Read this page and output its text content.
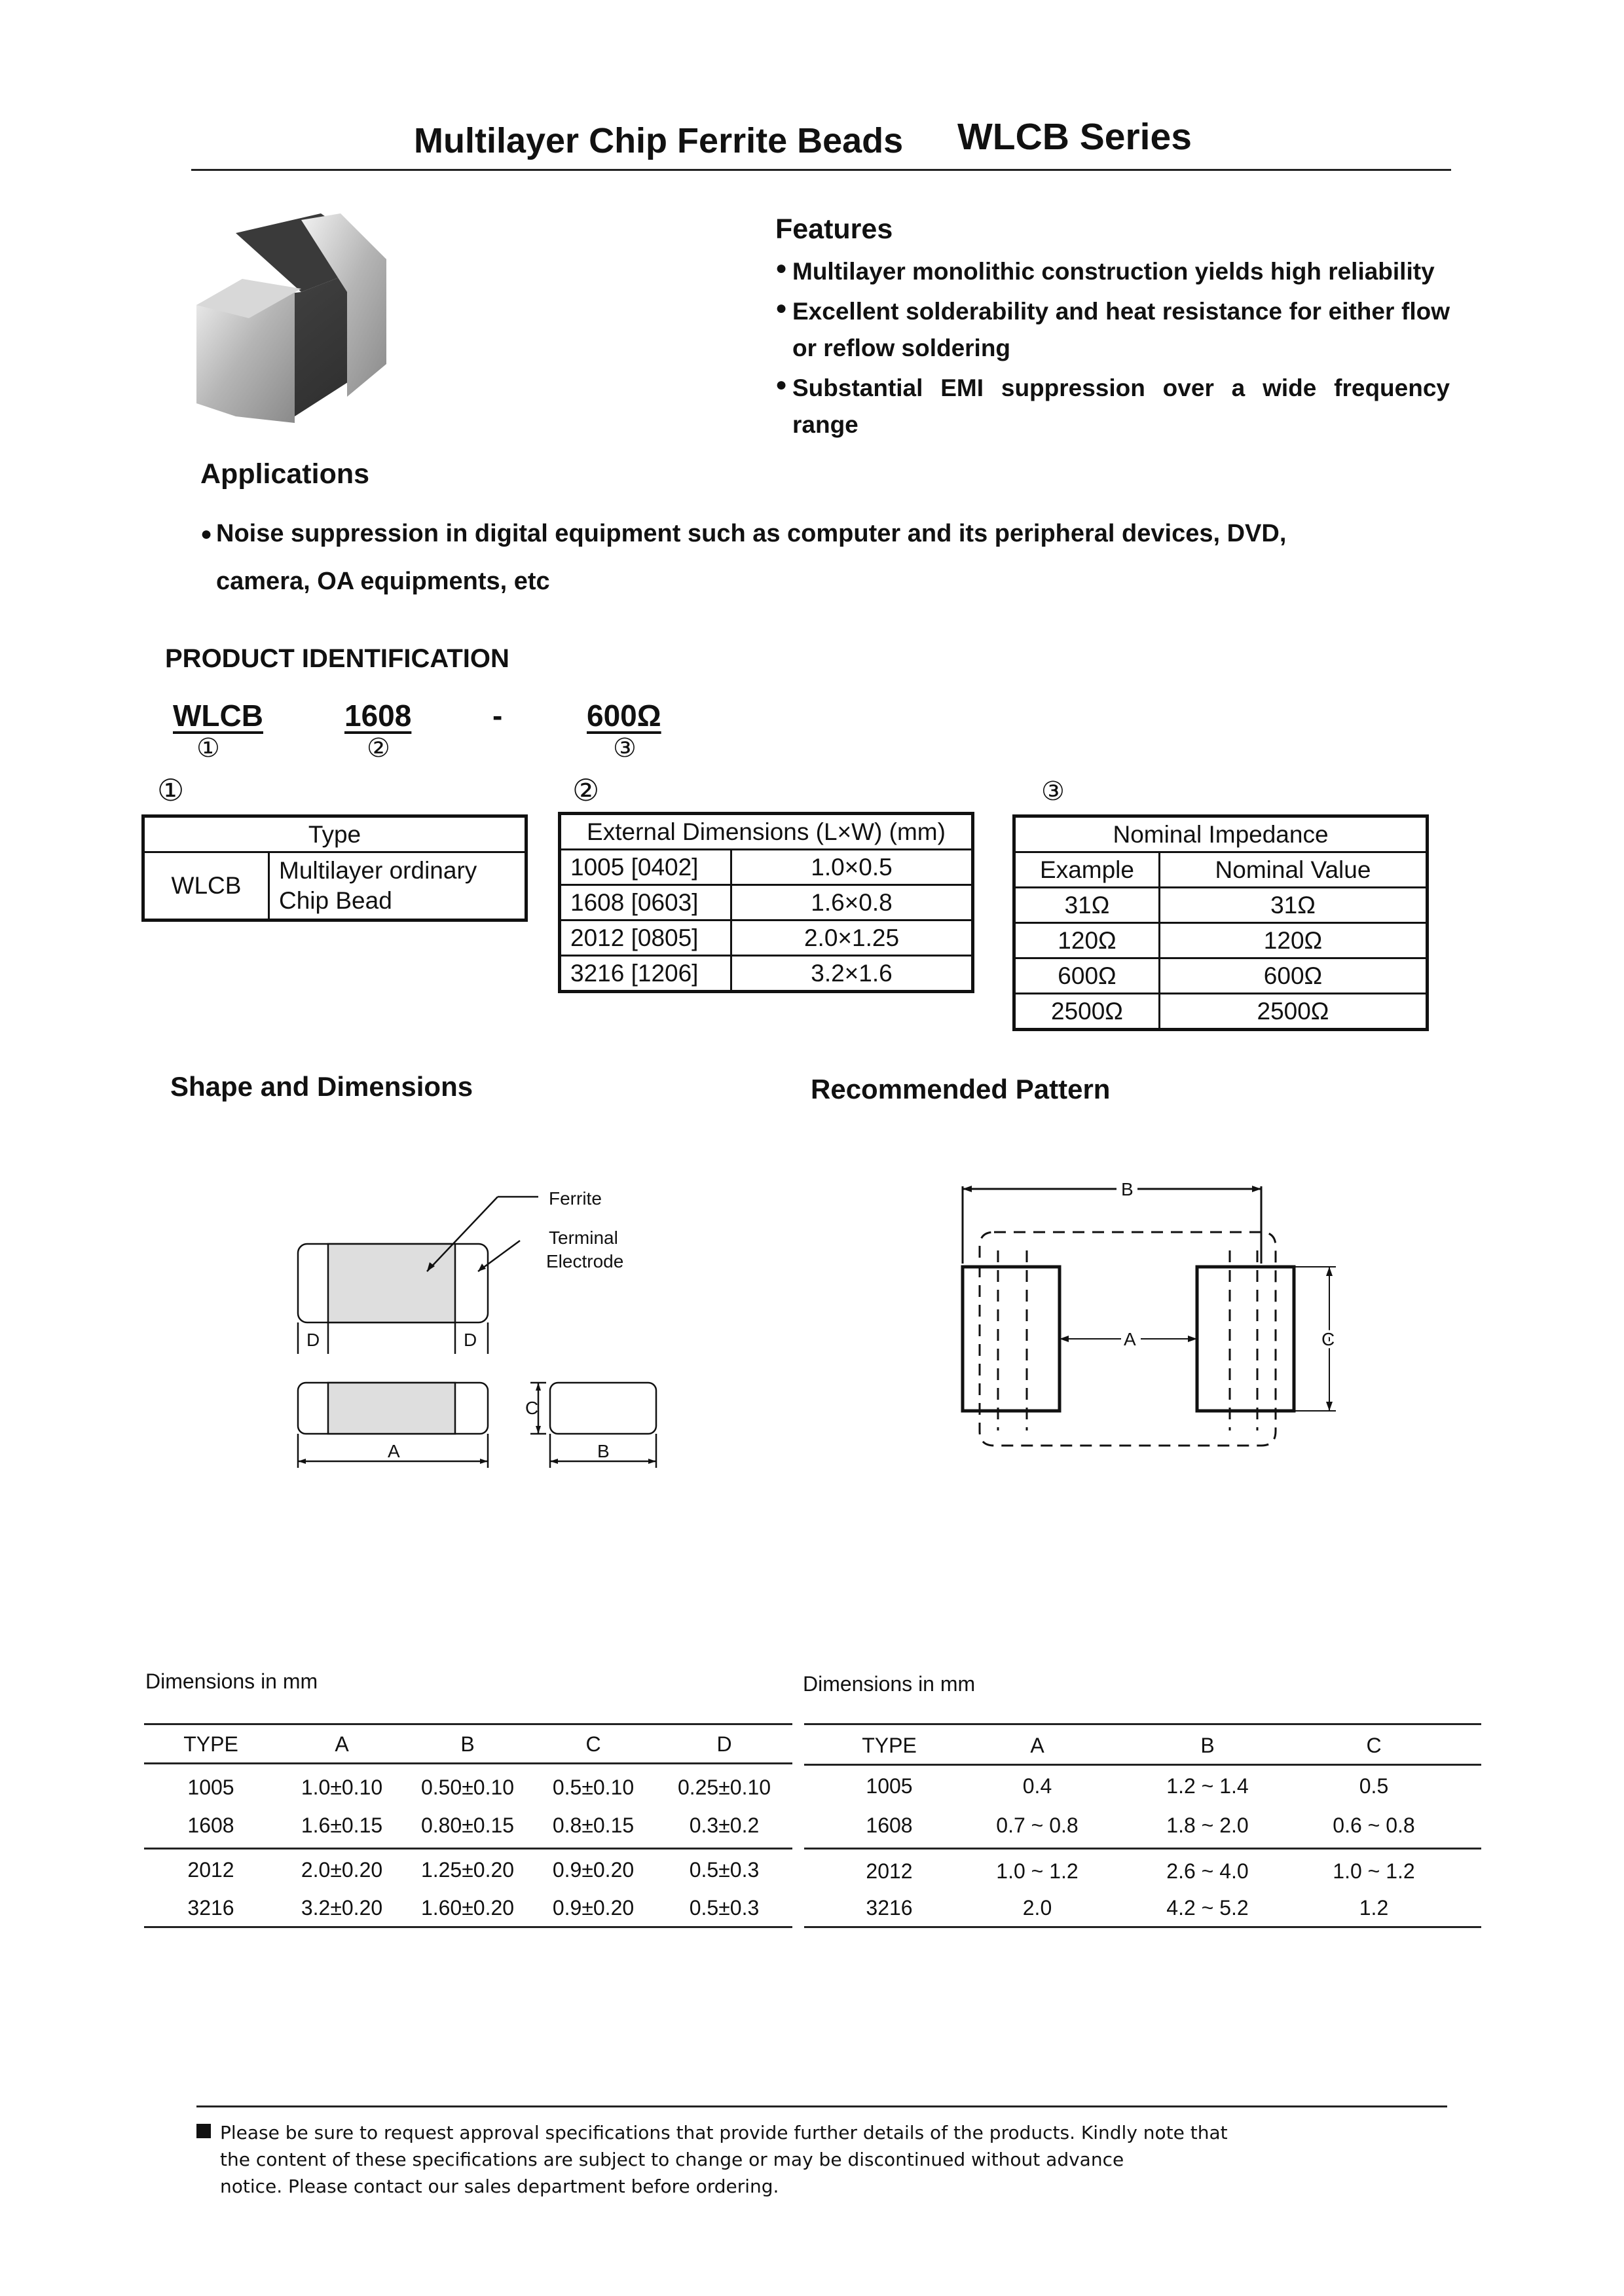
Multilayer Chip Ferrite Beads WLCB Series
Features
● Multilayer monolithic construction yields high reliability
● Excellent solderability and heat resistance for either flow or reflow soldering
● Substantial EMI suppression over a wide frequency range
Applications
● Noise suppression in digital equipment such as computer and its peripheral devices, DVD, camera, OA equipments, etc
PRODUCT IDENTIFICATION
WLCB	1608	-	600Ω
①	②	③
①	②	③
Type
WLCB	Multilayer ordinary
Chip Bead
External Dimensions (L×W) (mm)	
1005 [0402]	1.0×0.5
1608 [0603]	1.6×0.8
2012 [0805]	2.0×1.25
3216 [1206]	3.2×1.6
Nominal Impedance	
Example	Nominal Value
31Ω	31Ω
120Ω	120Ω
600Ω	600Ω
2500Ω	2500Ω
Shape and Dimensions	Recommended Pattern
Ferrite
Terminal
Electrode
D	D
A	B
C
B
A	C
Dimensions in mm	Dimensions in mm
TYPE	A	B	C	D
1005	1.0±0.10	0.50±0.10	0.5±0.10	0.25±0.10
1608	1.6±0.15	0.80±0.15	0.8±0.15	0.3±0.2
2012	2.0±0.20	1.25±0.20	0.9±0.20	0.5±0.3
3216	3.2±0.20	1.60±0.20	0.9±0.20	0.5±0.3
TYPE	A	B	C
1005	0.4	1.2 ~ 1.4	0.5
1608	0.7 ~ 0.8	1.8 ~ 2.0	0.6 ~ 0.8
2012	1.0 ~ 1.2	2.6 ~ 4.0	1.0 ~ 1.2
3216	2.0	4.2 ~ 5.2	1.2
Please be sure to request approval specifications that provide further details of the products. Kindly note that
the content of these specifications are subject to change or may be discontinued without advance
notice. Please contact our sales department before ordering.
